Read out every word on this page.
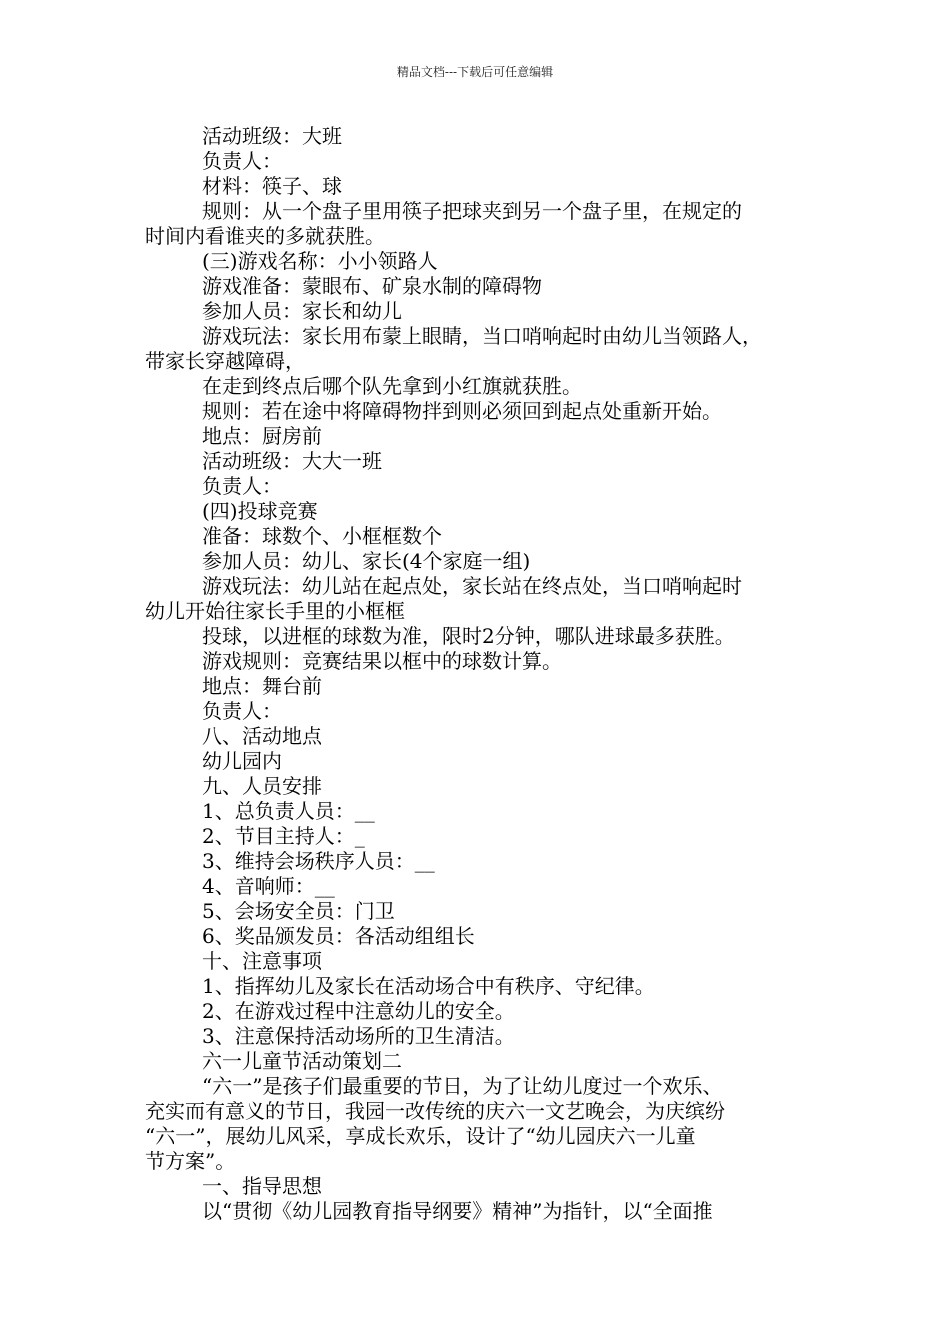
精品文档---下载后可任意编辑

活动班级：大班

负责人：

材料：筷子、球

规则：从一个盘子里用筷子把球夹到另一个盘子里，在规定的

时间内看谁夹的多就获胜。

(三)游戏名称：小小领路人

游戏准备：蒙眼布、矿泉水制的障碍物

参加人员：家长和幼儿

游戏玩法：家长用布蒙上眼睛，当口哨响起时由幼儿当领路人，

带家长穿越障碍，

在走到终点后哪个队先拿到小红旗就获胜。

规则：若在途中将障碍物拌到则必须回到起点处重新开始。

地点：厨房前

活动班级：大大一班

负责人：

(四)投球竞赛

准备：球数个、小框框数个

参加人员：幼儿、家长(4个家庭一组)

游戏玩法：幼儿站在起点处，家长站在终点处，当口哨响起时

幼儿开始往家长手里的小框框

投球，以进框的球数为准，限时2分钟，哪队进球最多获胜。

游戏规则：竞赛结果以框中的球数计算。

地点：舞台前

负责人：

八、活动地点

幼儿园内

九、人员安排

1、总负责人员：__

2、节目主持人：_

3、维持会场秩序人员：__

4、音响师：__

5、会场安全员：门卫

6、奖品颁发员：各活动组组长

十、注意事项

1、指挥幼儿及家长在活动场合中有秩序、守纪律。

2、在游戏过程中注意幼儿的安全。

3、注意保持活动场所的卫生清洁。

六一儿童节活动策划二

“六一”是孩子们最重要的节日，为了让幼儿度过一个欢乐、

充实而有意义的节日，我园一改传统的庆六一文艺晚会，为庆缤纷

“六一”，展幼儿风采，享成长欢乐，设计了“幼儿园庆六一儿童

节方案”。

一、指导思想

以“贯彻《幼儿园教育指导纲要》精神”为指针，以“全面推
